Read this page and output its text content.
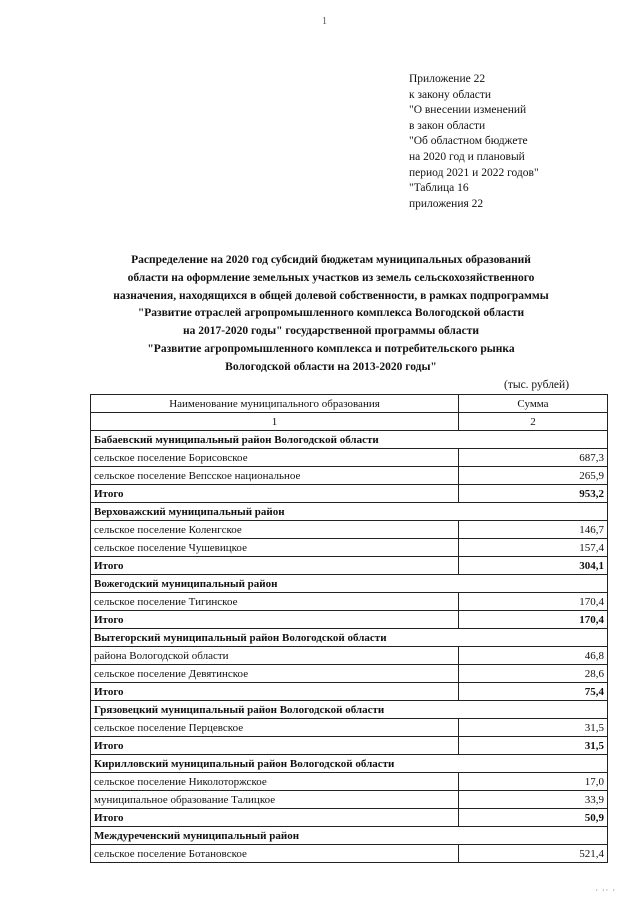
1
Приложение 22
к закону области
"О внесении изменений
в закон области
"Об областном бюджете
на 2020 год и плановый
период 2021 и 2022 годов"
"Таблица 16
приложения 22
Распределение на 2020 год субсидий бюджетам муниципальных образований
области на оформление земельных участков из земель сельскохозяйственного
назначения, находящихся в общей долевой собственности, в рамках подпрограммы
"Развитие отраслей агропромышленного комплекса Вологодской области
на 2017-2020 годы" государственной программы области
"Развитие агропромышленного комплекса и потребительского рынка
Вологодской области на 2013-2020 годы"
(тыс. рублей)
Наименование муниципального образования	Сумма
1	2
Бабаевский муниципальный район Вологодской области	
сельское поселение Борисовское	687,3
сельское поселение Вепсское национальное	265,9
Итого	953,2
Верховажский муниципальный район	
сельское поселение Коленгское	146,7
сельское поселение Чушевицкое	157,4
Итого	304,1
Вожегодский муниципальный район	
сельское поселение Тигинское	170,4
Итого	170,4
Вытегорский муниципальный район Вологодской области	
района Вологодской области	46,8
сельское поселение Девятинское	28,6
Итого	75,4
Грязовецкий муниципальный район Вологодской области	
сельское поселение Перцевское	31,5
Итого	31,5
Кирилловский муниципальный район Вологодской области	
сельское поселение Николоторжское	17,0
муниципальное образование Талицкое	33,9
Итого	50,9
Междуреченский муниципальный район	
сельское поселение Ботановское	521,4
· ·· ·
